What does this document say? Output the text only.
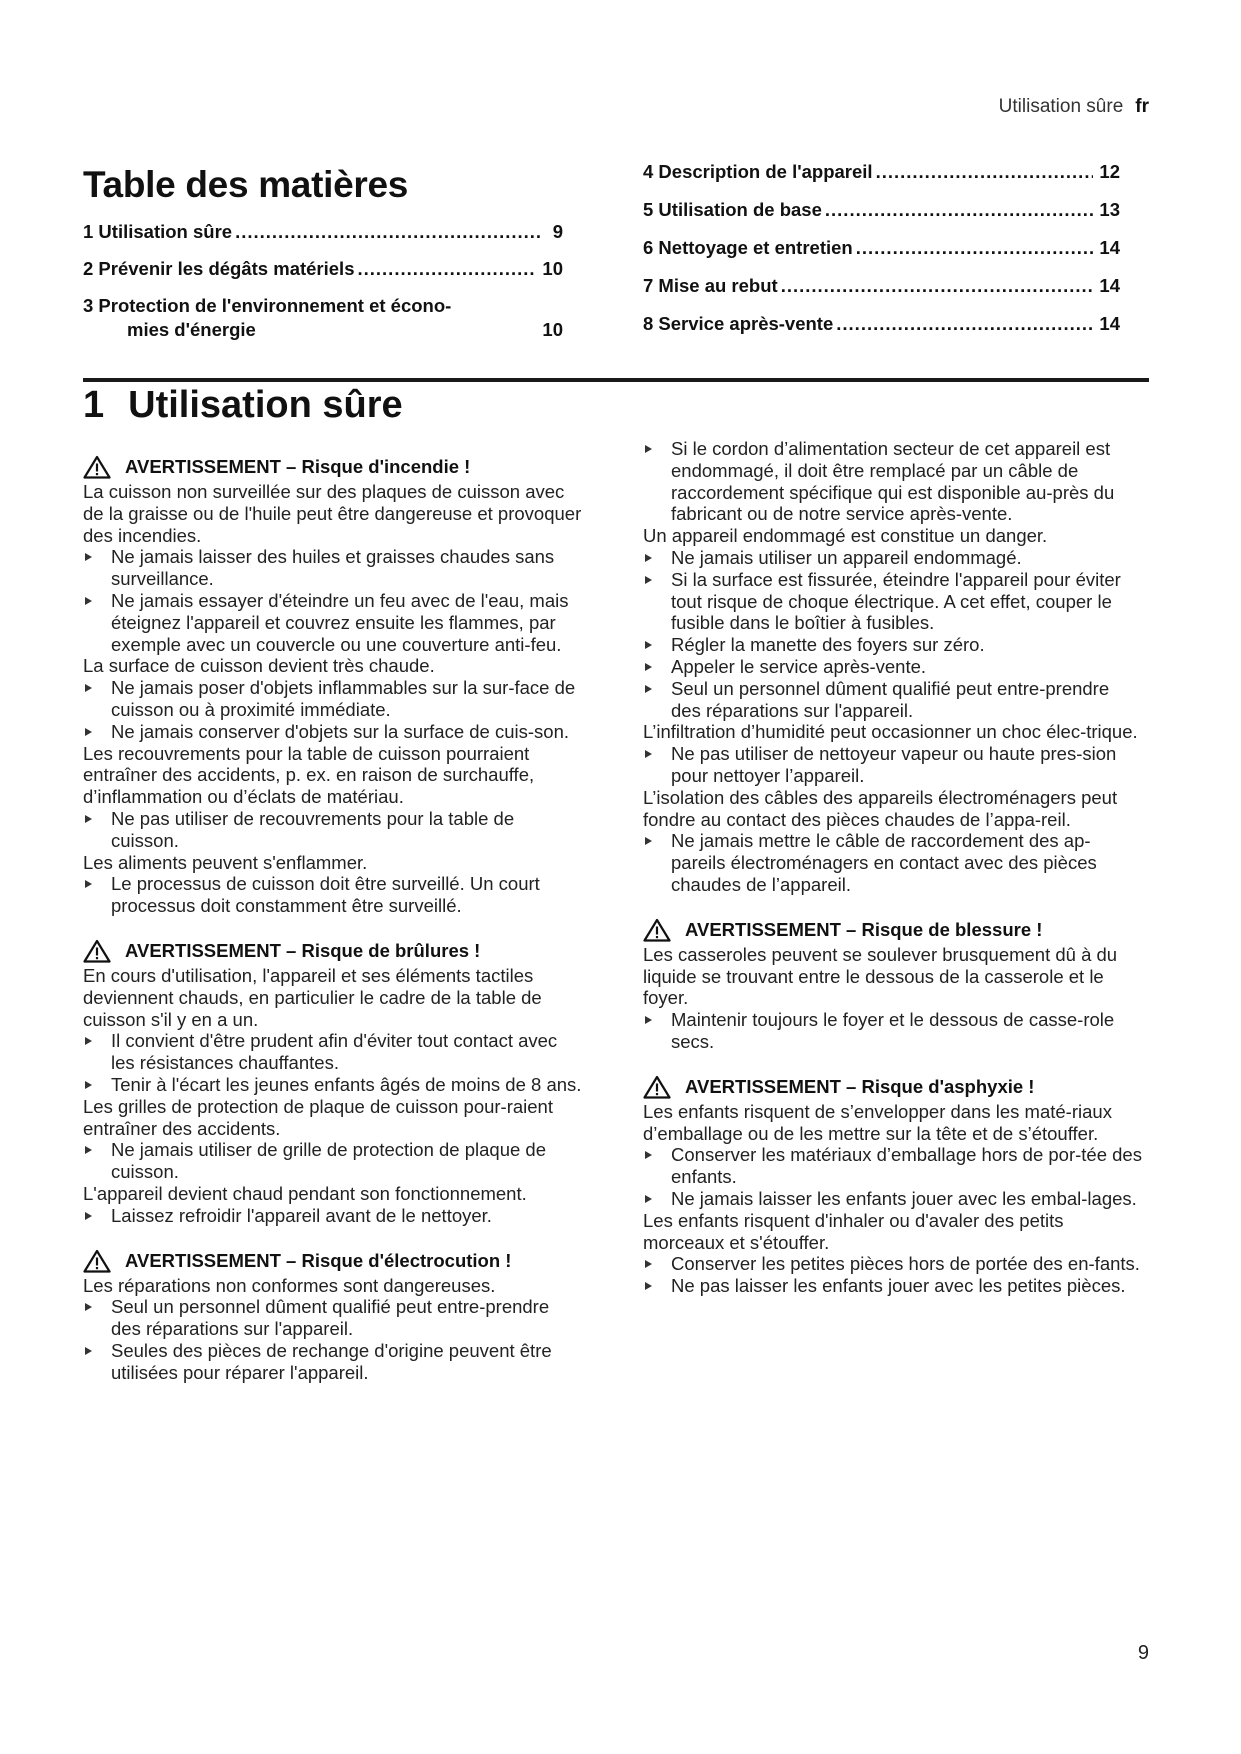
Utilisation sûre fr
Table des matières
1 Utilisation sûre .....	9
2 Prévenir les dégâts matériels .....	10
3 Protection de l'environnement et écono-
mies d'énergie	10
4 Description de l'appareil .....	12
5 Utilisation de base .....	13
6 Nettoyage et entretien .....	14
7 Mise au rebut .....	14
8 Service après-vente .....	14
1 Utilisation sûre
AVERTISSEMENT – Risque d'incendie !

La cuisson non surveillée sur des plaques de cuisson avec de la graisse ou de l'huile peut être dangereuse et provoquer des incendies.

Ne jamais laisser des huiles et graisses chaudes sans surveillance.
Ne jamais essayer d'éteindre un feu avec de l'eau, mais éteignez l'appareil et couvrez ensuite les flammes, par exemple avec un couvercle ou une couverture anti-feu.

La surface de cuisson devient très chaude.

Ne jamais poser d'objets inflammables sur la sur-face de cuisson ou à proximité immédiate.
Ne jamais conserver d'objets sur la surface de cuis-son.

Les recouvrements pour la table de cuisson pourraient entraîner des accidents, p. ex. en raison de surchauffe, d’inflammation ou d’éclats de matériau.

Ne pas utiliser de recouvrements pour la table de cuisson.

Les aliments peuvent s'enflammer.

Le processus de cuisson doit être surveillé. Un court processus doit constamment être surveillé.
AVERTISSEMENT – Risque de brûlures !

En cours d'utilisation, l'appareil et ses éléments tactiles deviennent chauds, en particulier le cadre de la table de cuisson s'il y en a un.

Il convient d'être prudent afin d'éviter tout contact avec les résistances chauffantes.
Tenir à l'écart les jeunes enfants âgés de moins de 8 ans.

Les grilles de protection de plaque de cuisson pour-raient entraîner des accidents.

Ne jamais utiliser de grille de protection de plaque de cuisson.

L'appareil devient chaud pendant son fonctionnement.

Laissez refroidir l'appareil avant de le nettoyer.
AVERTISSEMENT – Risque d'électrocution !

Les réparations non conformes sont dangereuses.

Seul un personnel dûment qualifié peut entre-prendre des réparations sur l'appareil.
Seules des pièces de rechange d'origine peuvent être utilisées pour réparer l'appareil.
Si le cordon d’alimentation secteur de cet appareil est endommagé, il doit être remplacé par un câble de raccordement spécifique qui est disponible au-près du fabricant ou de notre service après-vente.

Un appareil endommagé est constitue un danger.

Ne jamais utiliser un appareil endommagé.
Si la surface est fissurée, éteindre l'appareil pour éviter tout risque de choque électrique. A cet effet, couper le fusible dans le boîtier à fusibles.
Régler la manette des foyers sur zéro.
Appeler le service après-vente.
Seul un personnel dûment qualifié peut entre-prendre des réparations sur l'appareil.

L’infiltration d’humidité peut occasionner un choc élec-trique.

Ne pas utiliser de nettoyeur vapeur ou haute pres-sion pour nettoyer l’appareil.

L’isolation des câbles des appareils électroménagers peut fondre au contact des pièces chaudes de l’appa-reil.

Ne jamais mettre le câble de raccordement des ap-pareils électroménagers en contact avec des pièces chaudes de l’appareil.
AVERTISSEMENT – Risque de blessure !

Les casseroles peuvent se soulever brusquement dû à du liquide se trouvant entre le dessous de la casserole et le foyer.

Maintenir toujours le foyer et le dessous de casse-role secs.
AVERTISSEMENT – Risque d'asphyxie !

Les enfants risquent de s’envelopper dans les maté-riaux d’emballage ou de les mettre sur la tête et de s’étouffer.

Conserver les matériaux d’emballage hors de por-tée des enfants.
Ne jamais laisser les enfants jouer avec les embal-lages.

Les enfants risquent d'inhaler ou d'avaler des petits morceaux et s'étouffer.

Conserver les petites pièces hors de portée des en-fants.
Ne pas laisser les enfants jouer avec les petites pièces.
9
